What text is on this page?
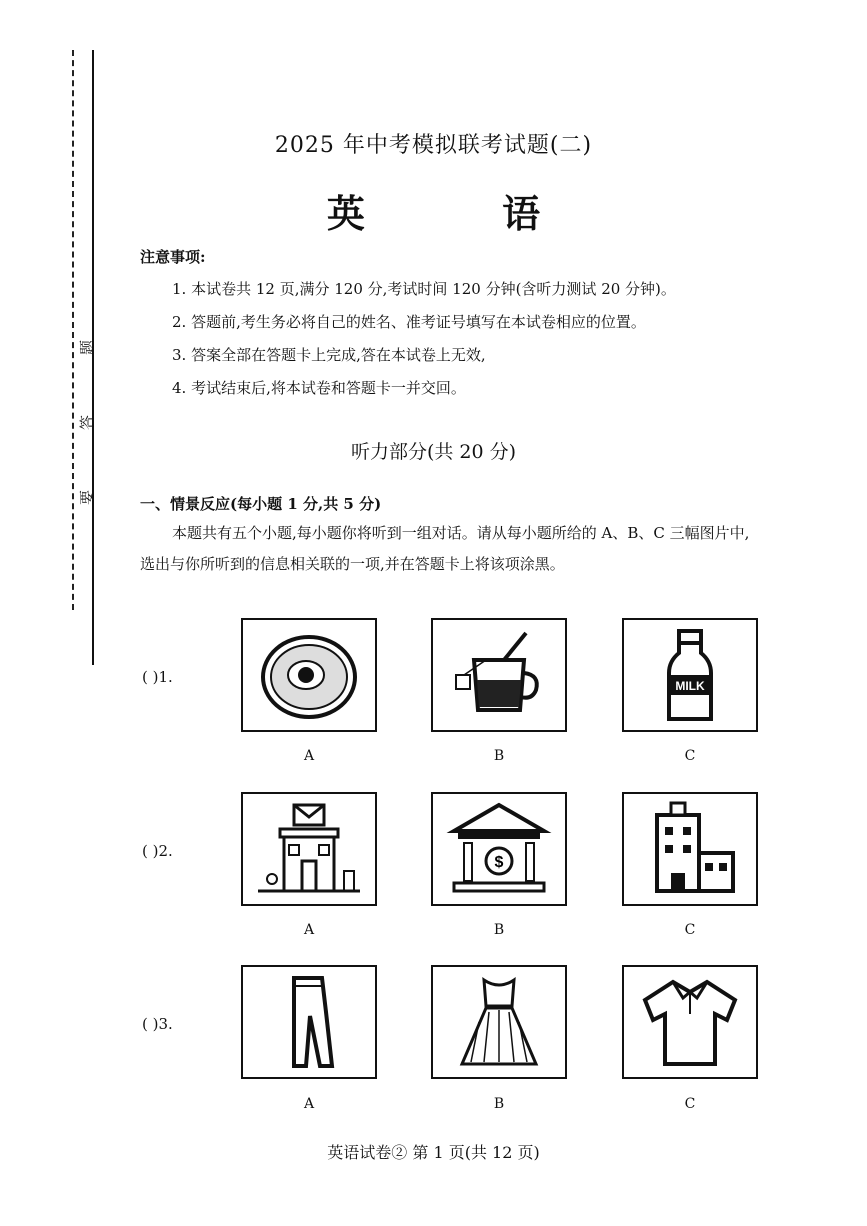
题
答
要
2025 年中考模拟联考试题(二)
英 语
注意事项:
1. 本试卷共 12 页,满分 120 分,考试时间 120 分钟(含听力测试 20 分钟)。
2. 答题前,考生务必将自己的姓名、准考证号填写在本试卷相应的位置。
3. 答案全部在答题卡上完成,答在本试卷上无效,
4. 考试结束后,将本试卷和答题卡一并交回。
听力部分(共 20 分)
一、情景反应(每小题 1 分,共 5 分)
本题共有五个小题,每小题你将听到一组对话。请从每小题所给的 A、B、C 三幅图片中,
选出与你所听到的信息相关联的一项,并在答题卡上将该项涂黑。
( )1.	MILK
A	B	C
( )2.
$
A	B	C
( )3.
A	B	C
英语试卷② 第 1 页(共 12 页)
